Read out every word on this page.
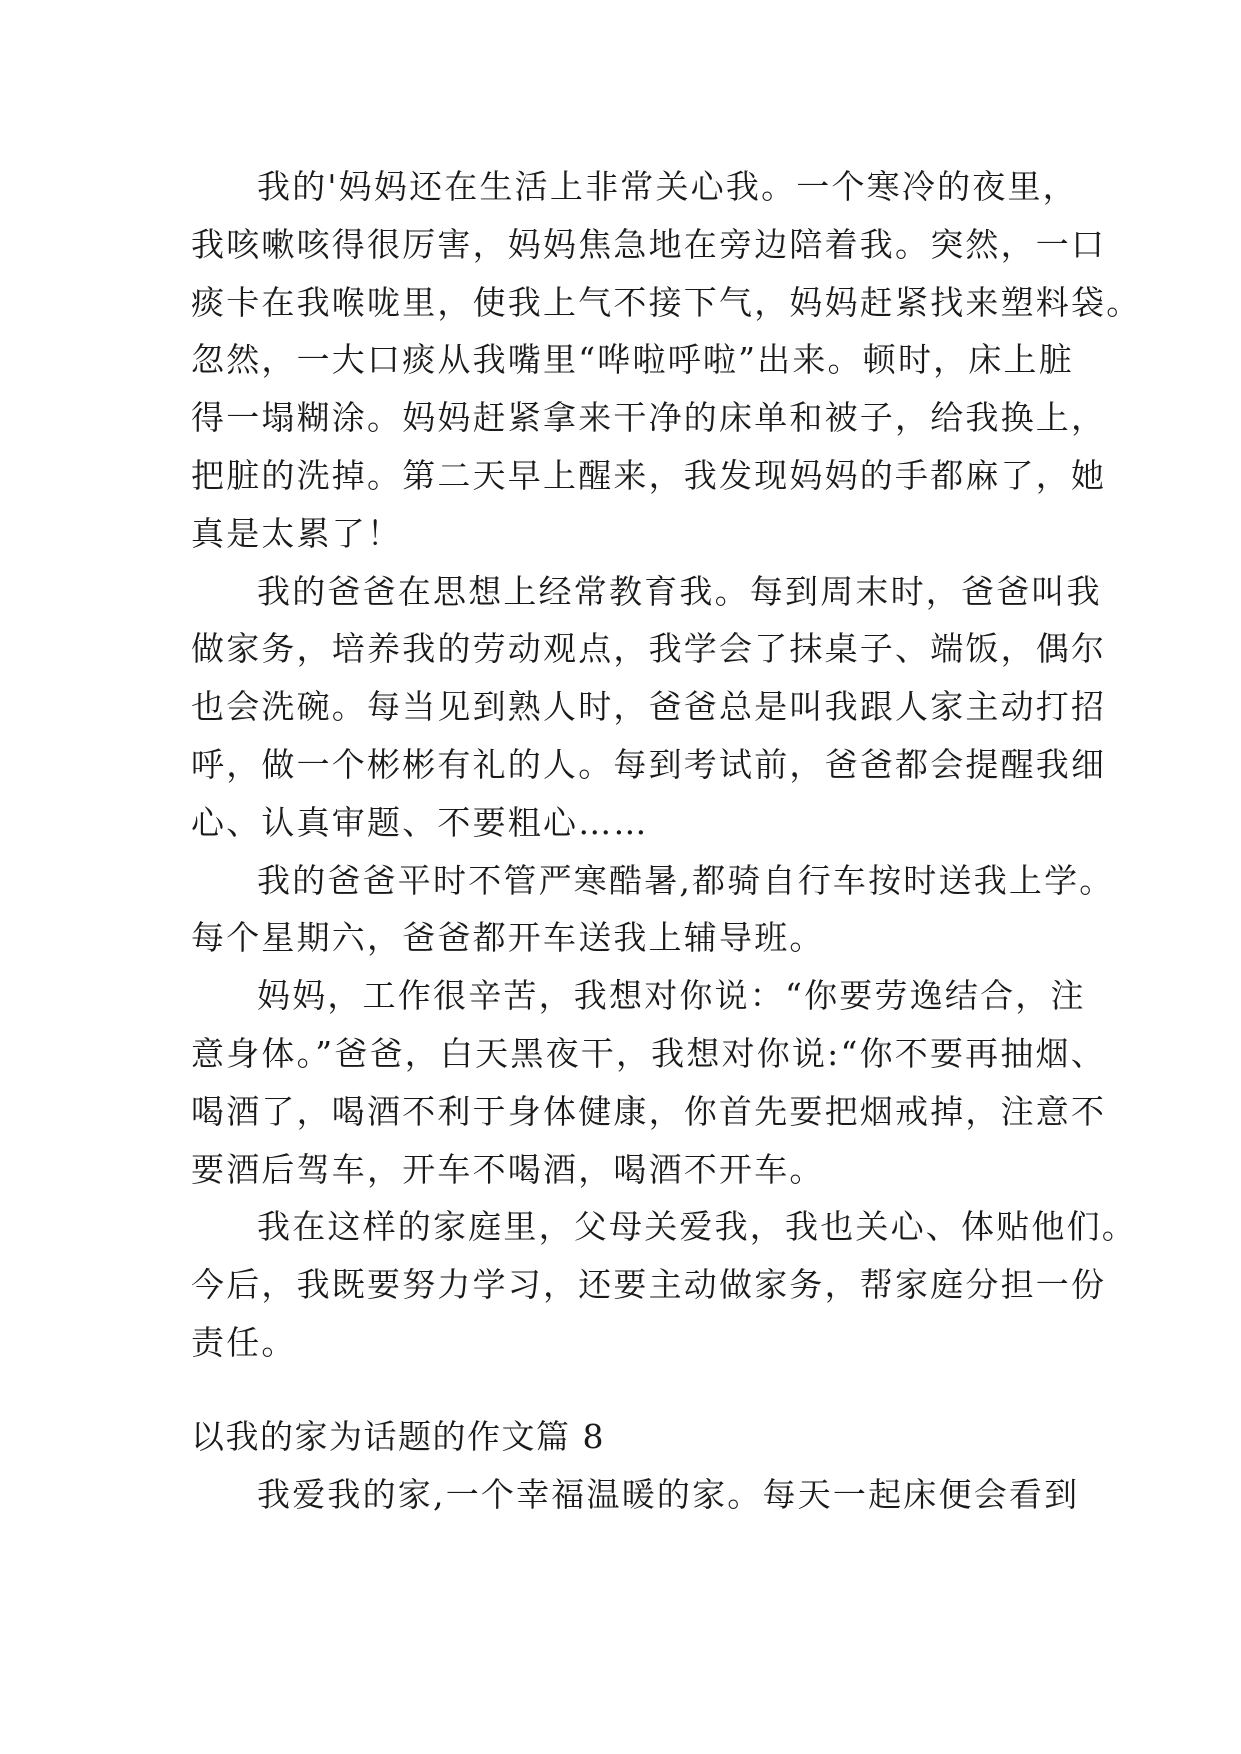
我的'妈妈还在生活上非常关心我。一个寒冷的夜里，
我咳嗽咳得很厉害，妈妈焦急地在旁边陪着我。突然，一口
痰卡在我喉咙里，使我上气不接下气，妈妈赶紧找来塑料袋。
忽然，一大口痰从我嘴里“哗啦呼啦”出来。顿时，床上脏
得一塌糊涂。妈妈赶紧拿来干净的床单和被子，给我换上，
把脏的洗掉。第二天早上醒来，我发现妈妈的手都麻了，她
真是太累了！
我的爸爸在思想上经常教育我。每到周末时，爸爸叫我
做家务，培养我的劳动观点，我学会了抹桌子、端饭，偶尔
也会洗碗。每当见到熟人时，爸爸总是叫我跟人家主动打招
呼，做一个彬彬有礼的人。每到考试前，爸爸都会提醒我细
心、认真审题、不要粗心……
我的爸爸平时不管严寒酷暑,都骑自行车按时送我上学。
每个星期六，爸爸都开车送我上辅导班。
妈妈，工作很辛苦，我想对你说：“你要劳逸结合，注
意身体。”爸爸，白天黑夜干，我想对你说:“你不要再抽烟、
喝酒了，喝酒不利于身体健康，你首先要把烟戒掉，注意不
要酒后驾车，开车不喝酒，喝酒不开车。
我在这样的家庭里，父母关爱我，我也关心、体贴他们。
今后，我既要努力学习，还要主动做家务，帮家庭分担一份
责任。
以我的家为话题的作文篇 8
我爱我的家,一个幸福温暖的家。每天一起床便会看到
